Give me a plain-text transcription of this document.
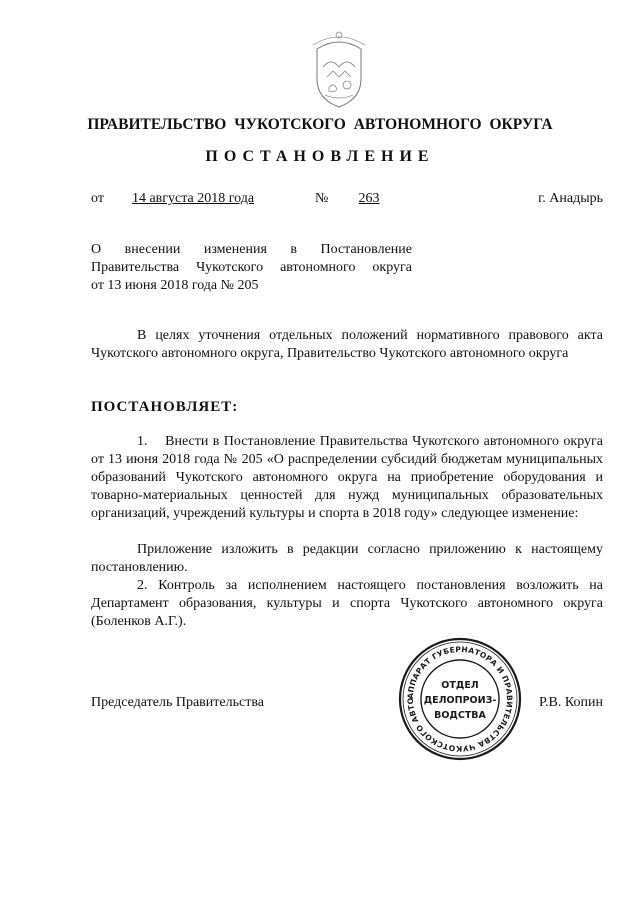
ПРАВИТЕЛЬСТВО ЧУКОТСКОГО АВТОНОМНОГО ОКРУГА
ПОСТАНОВЛЕНИЕ
от	14 августа 2018 года	№	263	г. Анадырь
О внесении изменения в Постановление
Правительства Чукотского автономного округа
от 13 июня 2018 года № 205
В целях уточнения отдельных положений нормативного правового акта Чукотского автономного округа, Правительство Чукотского автономного округа
ПОСТАНОВЛЯЕТ:
1.    Внести в Постановление Правительства Чукотского автономного округа от 13 июня 2018 года № 205 «О распределении субсидий бюджетам муниципальных образований Чукотского автономного округа на приобретение оборудования и товарно-материальных ценностей для нужд муниципальных образовательных организаций, учреждений культуры и спорта в 2018 году» следующее изменение:
Приложение изложить в редакции согласно приложению к настоящему постановлению.
2. Контроль за исполнением настоящего постановления возложить на Департамент образования, культуры и спорта Чукотского автономного округа (Боленков А.Г.).
Председатель Правительства	Р.В. Копин
АППАРАТ ГУБЕРНАТОРА И ПРАВИТЕЛЬСТВА ЧУКОТСКОГО АВТО
ОТДЕЛ
ДЕЛОПРОИЗ-
ВОДСТВА
